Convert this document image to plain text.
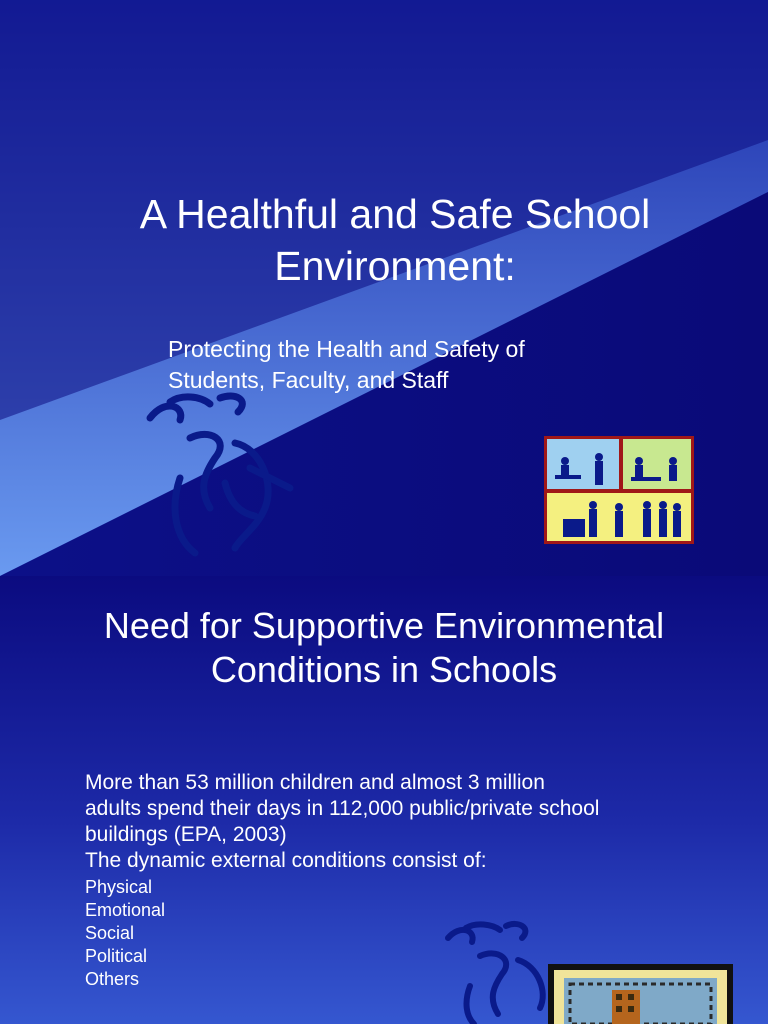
A Healthful and Safe School
Environment:
Protecting the Health and Safety of
Students, Faculty, and Staff
Need for Supportive Environmental
Conditions in Schools
More than 53 million children and almost 3 million
adults spend their days in 112,000 public/private school
buildings (EPA, 2003)
The dynamic external conditions consist of:
Physical
Emotional
Social
Political
Others
